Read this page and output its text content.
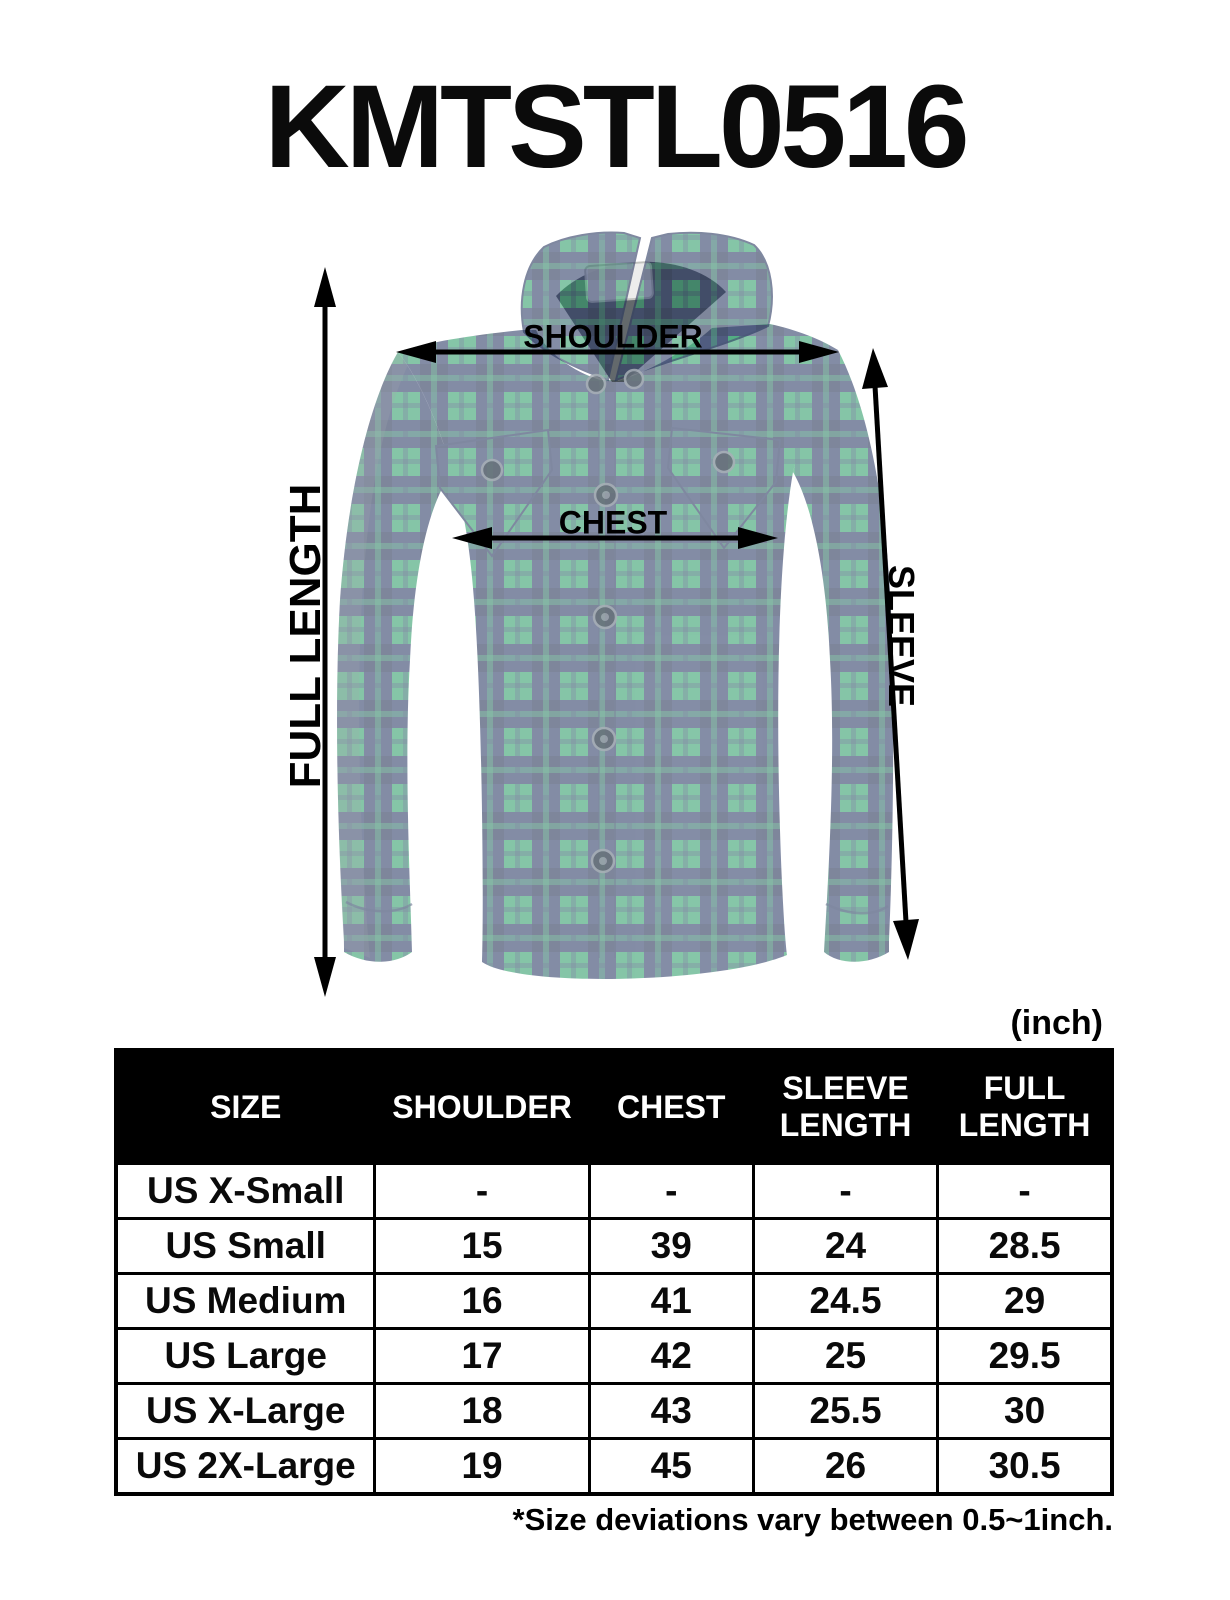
KMTSTL0516
SHOULDER
CHEST
FULL LENGTH	SLEEVE
(inch)
SIZE	SHOULDER	CHEST	SLEEVE LENGTH	FULL LENGTH
US X-Small	-	-	-	-
US Small	15	39	24	28.5
US Medium	16	41	24.5	29
US Large	17	42	25	29.5
US X-Large	18	43	25.5	30
US 2X-Large	19	45	26	30.5
*Size deviations vary between 0.5~1inch.
